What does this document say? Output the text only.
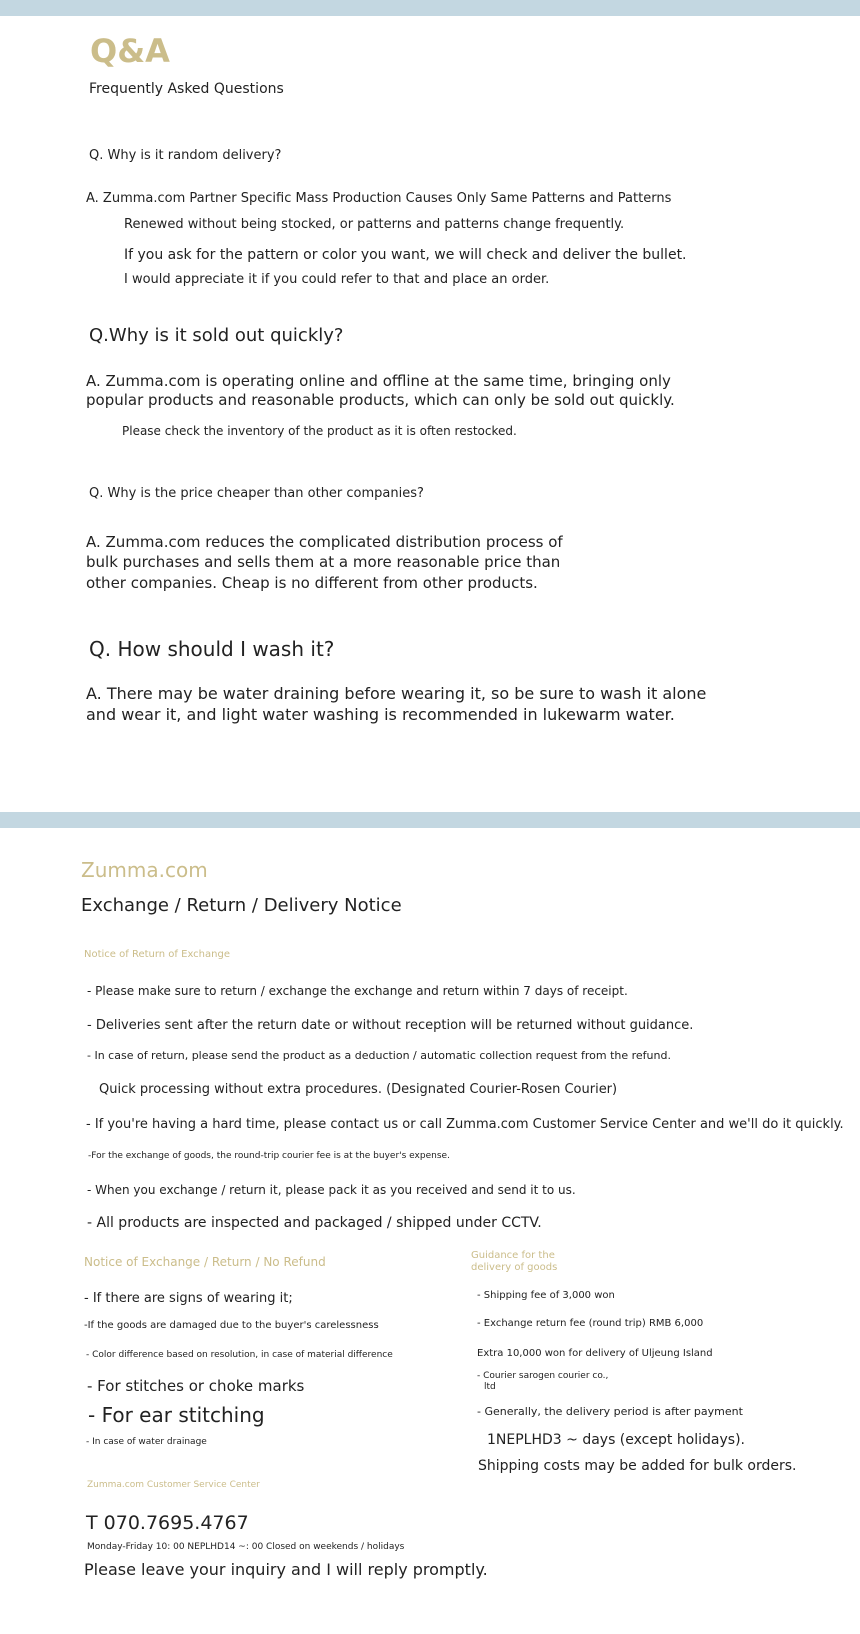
Q&A
Frequently Asked Questions
Q. Why is it random delivery?
A. Zumma.com Partner Specific Mass Production Causes Only Same Patterns and Patterns
Renewed without being stocked, or patterns and patterns change frequently.
If you ask for the pattern or color you want, we will check and deliver the bullet.
I would appreciate it if you could refer to that and place an order.
Q.Why is it sold out quickly?
A. Zumma.com is operating online and offline at the same time, bringing only
popular products and reasonable products, which can only be sold out quickly.
Please check the inventory of the product as it is often restocked.
Q. Why is the price cheaper than other companies?
A. Zumma.com reduces the complicated distribution process of
bulk purchases and sells them at a more reasonable price than
other companies. Cheap is no different from other products.
Q. How should I wash it?
A. There may be water draining before wearing it, so be sure to wash it alone
and wear it, and light water washing is recommended in lukewarm water.
Zumma.com
Exchange / Return / Delivery Notice
Notice of Return of Exchange
- Please make sure to return / exchange the exchange and return within 7 days of receipt.
- Deliveries sent after the return date or without reception will be returned without guidance.
- In case of return, please send the product as a deduction / automatic collection request from the refund.
Quick processing without extra procedures. (Designated Courier-Rosen Courier)
- If you're having a hard time, please contact us or call Zumma.com Customer Service Center and we'll do it quickly.
-For the exchange of goods, the round-trip courier fee is at the buyer's expense.
- When you exchange / return it, please pack it as you received and send it to us.
- All products are inspected and packaged / shipped under CCTV.
Notice of Exchange / Return / No Refund
- If there are signs of wearing it;
-If the goods are damaged due to the buyer's carelessness
- Color difference based on resolution, in case of material difference
- For stitches or choke marks
- For ear stitching
- In case of water drainage
Guidance for the
delivery of goods
- Shipping fee of 3,000 won
- Exchange return fee (round trip) RMB 6,000
Extra 10,000 won for delivery of Uljeung Island
- Courier sarogen courier co.,
ltd
- Generally, the delivery period is after payment
1NEPLHD3 ~ days (except holidays).
Shipping costs may be added for bulk orders.
Zumma.com Customer Service Center
T 070.7695.4767
Monday-Friday 10: 00 NEPLHD14 ~: 00 Closed on weekends / holidays
Please leave your inquiry and I will reply promptly.
